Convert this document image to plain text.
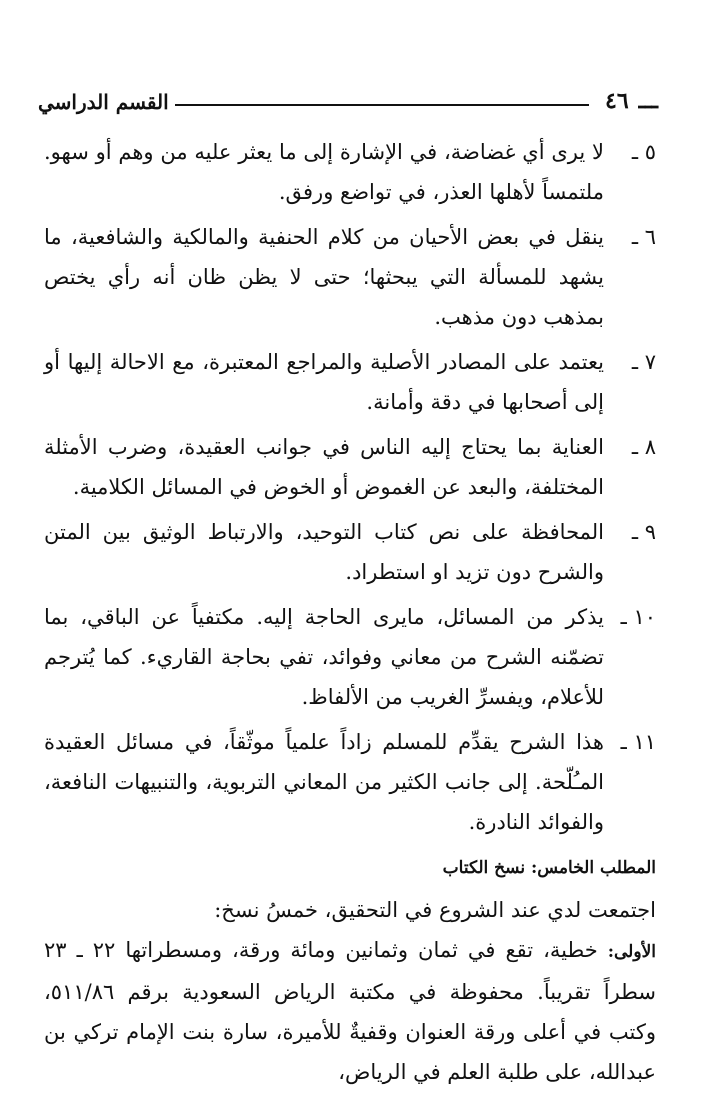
ـــ
٤٦
القسم الدراسي
٥ ـ
لا يرى أي غضاضة، في الإشارة إلى ما يعثر عليه من وهم أو سهو. ملتمساً لأهلها العذر، في تواضع ورفق.
٦ ـ
ينقل في بعض الأحيان من كلام الحنفية والمالكية والشافعية، ما يشهد للمسألة التي يبحثها؛ حتى لا يظن ظان أنه رأي يختص بمذهب دون مذهب.
٧ ـ
يعتمد على المصادر الأصلية والمراجع المعتبرة، مع الاحالة إليها أو إلى أصحابها في دقة وأمانة.
٨ ـ
العناية بما يحتاج إليه الناس في جوانب العقيدة، وضرب الأمثلة المختلفة، والبعد عن الغموض أو الخوض في المسائل الكلامية.
٩ ـ
المحافظة على نص كتاب التوحيد، والارتباط الوثيق بين المتن والشرح دون تزيد او استطراد.
١٠ ـ
يذكر من المسائل، مايرى الحاجة إليه. مكتفياً عن الباقي، بما تضمّنه الشرح من معاني وفوائد، تفي بحاجة القاريء. كما يُترجم للأعلام، ويفسرِّ الغريب من الألفاظ.
١١ ـ
هذا الشرح يقدِّم للمسلم زاداً علمياً موثّقاً، في مسائل العقيدة المـُلّحة. إلى جانب الكثير من المعاني التربوية، والتنبيهات النافعة، والفوائد النادرة.
المطلب الخامس: نسخ الكتاب

اجتمعت لدي عند الشروع في التحقيق، خمسُ نسخ:

الأولى: خطية، تقع في ثمان وثمانين ومائة ورقة، ومسطراتها ٢٢ ـ ٢٣ سطراً تقريباً. محفوظة في مكتبة الرياض السعودية برقم ٥١١/٨٦، وكتب في أعلى ورقة العنوان وقفيةٌ للأميرة، سارة بنت الإمام تركي بن عبدالله، على طلبة العلم في الرياض،
